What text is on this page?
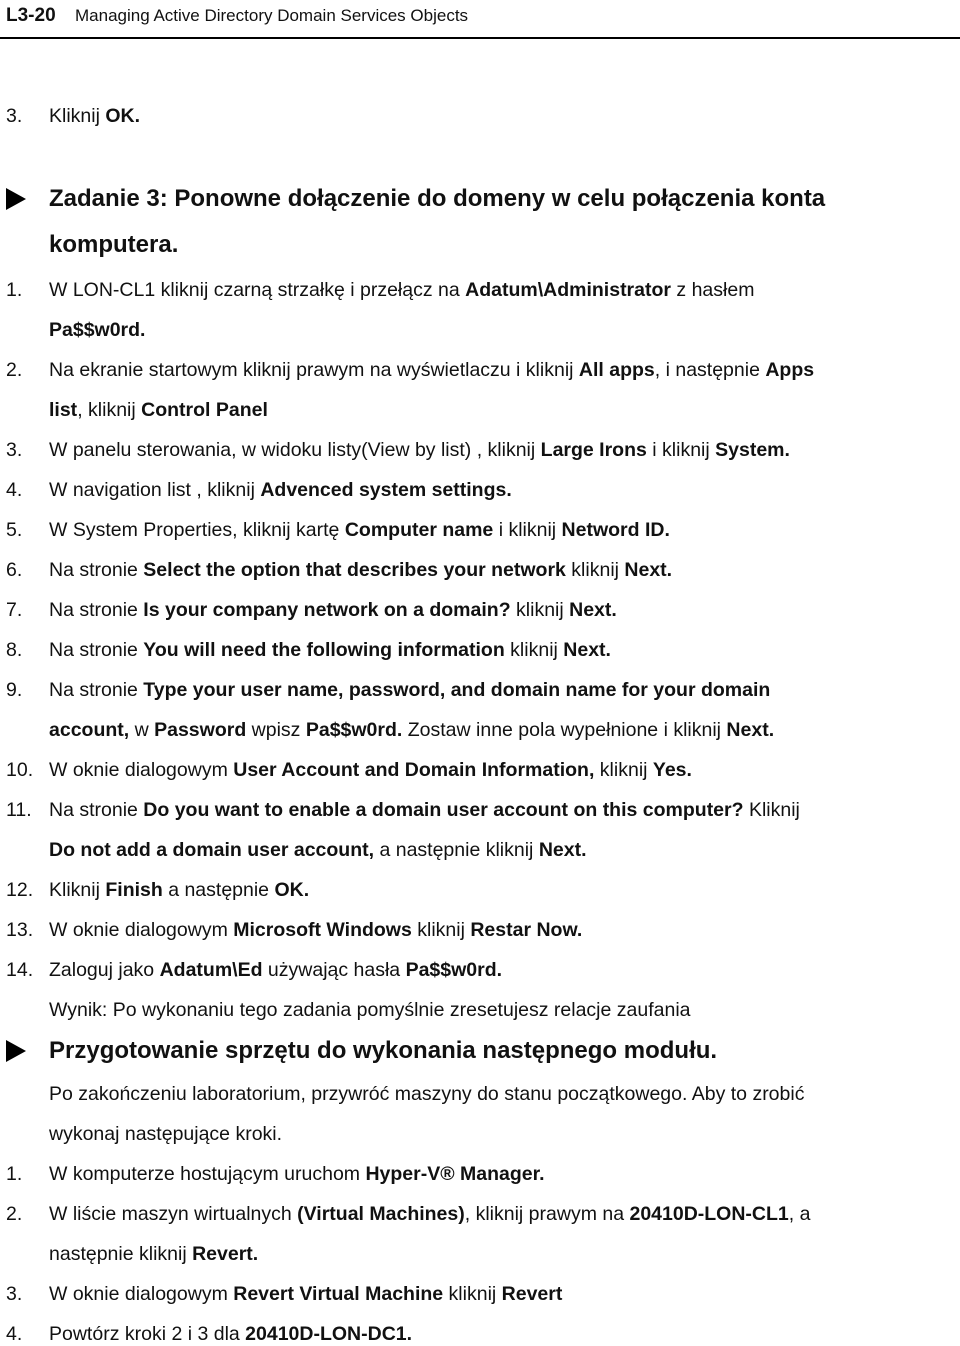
L3-20 Managing Active Directory Domain Services Objects
3. Kliknij OK.
Zadanie 3: Ponowne dołączenie do domeny w celu połączenia konta
komputera.
1. W LON-CL1 kliknij czarną strzałkę i przełącz na Adatum\Administrator z hasłem
Pa$$w0rd.
2. Na ekranie startowym kliknij prawym na wyświetlaczu i kliknij All apps, i następnie Apps
list, kliknij Control Panel
3. W panelu sterowania, w widoku listy(View by list) , kliknij Large Irons i kliknij System.
4. W navigation list , kliknij Advenced system settings.
5. W System Properties, kliknij kartę Computer name i kliknij Netword ID.
6. Na stronie Select the option that describes your network kliknij Next.
7. Na stronie Is your company network on a domain? kliknij Next.
8. Na stronie You will need the following information kliknij Next.
9. Na stronie Type your user name, password, and domain name for your domain
account, w Password wpisz Pa$$w0rd. Zostaw inne pola wypełnione i kliknij Next.
10. W oknie dialogowym User Account and Domain Information, kliknij Yes.
11. Na stronie Do you want to enable a domain user account on this computer? Kliknij
Do not add a domain user account, a następnie kliknij Next.
12. Kliknij Finish a następnie OK.
13. W oknie dialogowym Microsoft Windows kliknij Restar Now.
14. Zaloguj jako Adatum\Ed używając hasła Pa$$w0rd.
Wynik: Po wykonaniu tego zadania pomyślnie zresetujesz relacje zaufania
Przygotowanie sprzętu do wykonania następnego modułu.
Po zakończeniu laboratorium, przywróć maszyny do stanu początkowego. Aby to zrobić
wykonaj następujące kroki.
1. W komputerze hostującym uruchom Hyper-V® Manager.
2. W liście maszyn wirtualnych (Virtual Machines), kliknij prawym na 20410D-LON-CL1, a
następnie kliknij Revert.
3. W oknie dialogowym Revert Virtual Machine kliknij Revert
4. Powtórz kroki 2 i 3 dla 20410D-LON-DC1.
